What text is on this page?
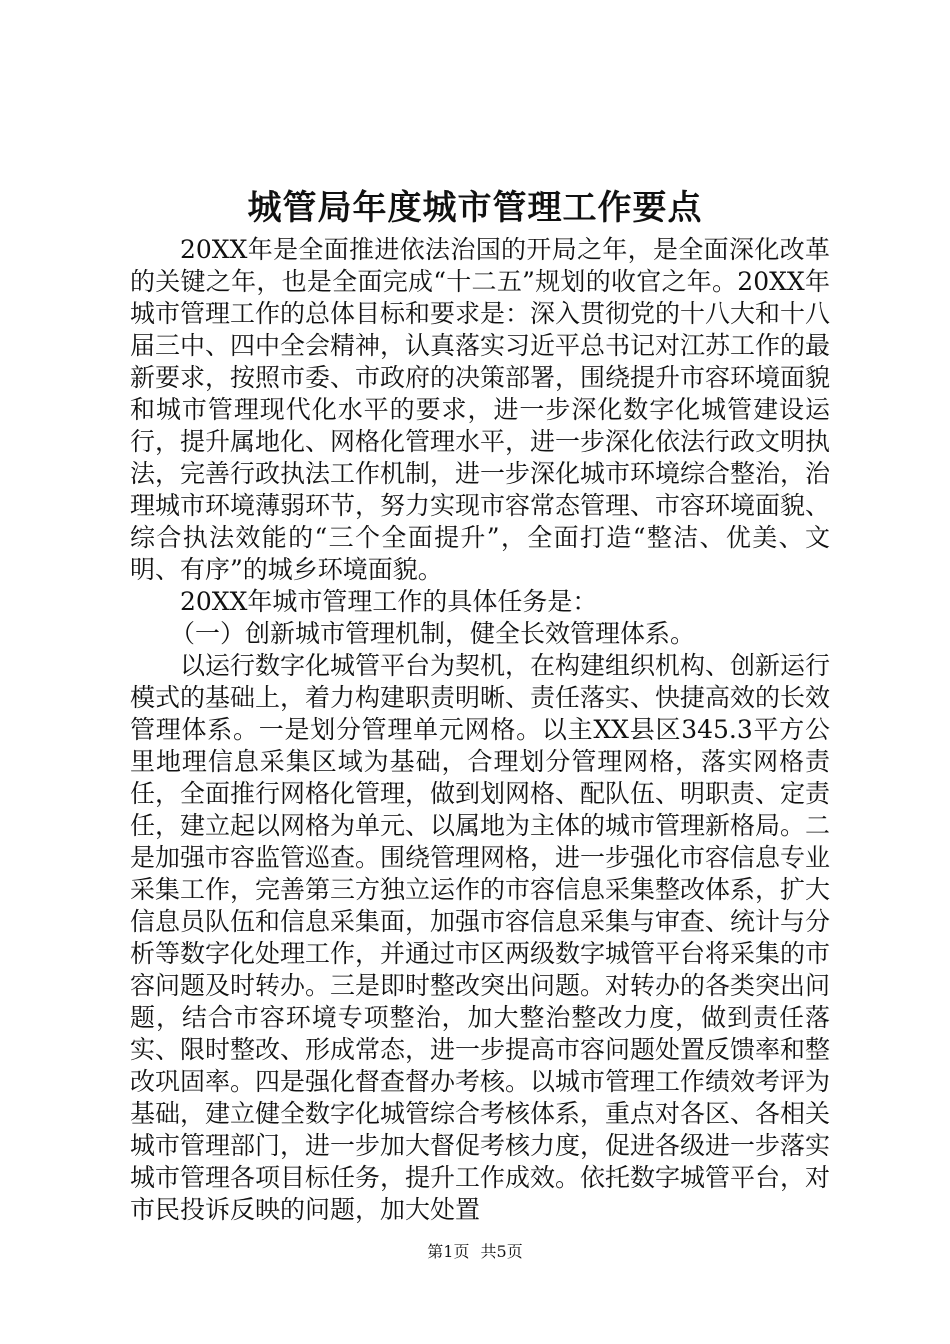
城管局年度城市管理工作要点

20XX年是全面推进依法治国的开局之年，是全面深化改革的关键之年，也是全面完成“十二五”规划的收官之年。20XX年城市管理工作的总体目标和要求是：深入贯彻党的十八大和十八届三中、四中全会精神，认真落实习近平总书记对江苏工作的最新要求，按照市委、市政府的决策部署，围绕提升市容环境面貌和城市管理现代化水平的要求，进一步深化数字化城管建设运行，提升属地化、网格化管理水平，进一步深化依法行政文明执法，完善行政执法工作机制，进一步深化城市环境综合整治，治理城市环境薄弱环节，努力实现市容常态管理、市容环境面貌、综合执法效能的“三个全面提升”，全面打造“整洁、优美、文明、有序”的城乡环境面貌。

20XX年城市管理工作的具体任务是：

（一）创新城市管理机制，健全长效管理体系。

以运行数字化城管平台为契机，在构建组织机构、创新运行模式的基础上，着力构建职责明晰、责任落实、快捷高效的长效管理体系。一是划分管理单元网格。以主XX县区345.3平方公里地理信息采集区域为基础，合理划分管理网格，落实网格责任，全面推行网格化管理，做到划网格、配队伍、明职责、定责任，建立起以网格为单元、以属地为主体的城市管理新格局。二是加强市容监管巡查。围绕管理网格，进一步强化市容信息专业采集工作，完善第三方独立运作的市容信息采集整改体系，扩大信息员队伍和信息采集面，加强市容信息采集与审查、统计与分析等数字化处理工作，并通过市区两级数字城管平台将采集的市容问题及时转办。三是即时整改突出问题。对转办的各类突出问题，结合市容环境专项整治，加大整治整改力度，做到责任落实、限时整改、形成常态，进一步提高市容问题处置反馈率和整改巩固率。四是强化督查督办考核。以城市管理工作绩效考评为基础，建立健全数字化城管综合考核体系，重点对各区、各相关城市管理部门，进一步加大督促考核力度，促进各级进一步落实城市管理各项目标任务，提升工作成效。依托数字城管平台，对市民投诉反映的问题，加大处置

第1页 共5页
